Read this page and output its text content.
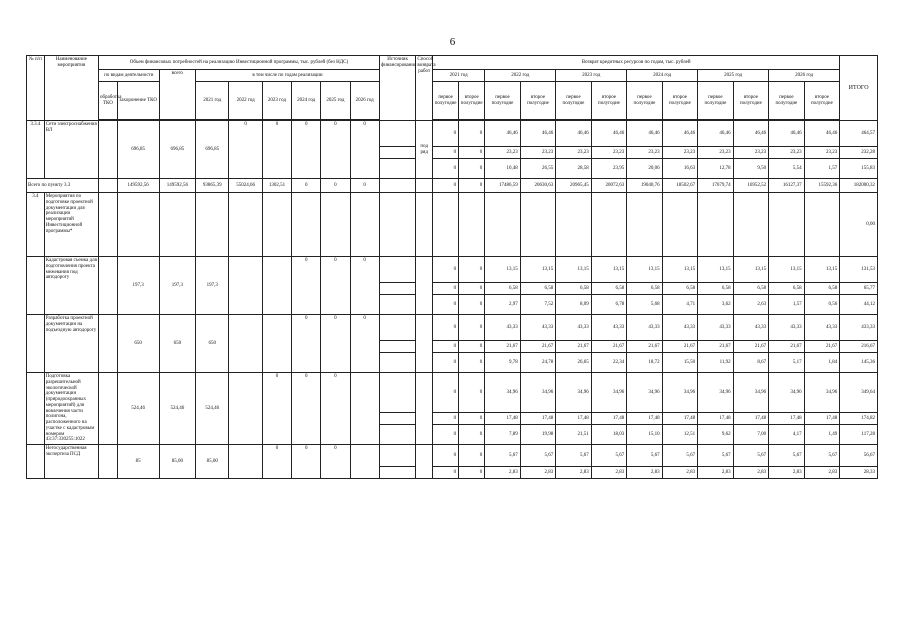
6
№ п/п	Наименование мероприятия	Объем финансовых потребностей на реализацию Инвестиционной программы, тыс. рублей (без НДС)									Источник финансирования	Способ возврата работ	Возврат кредитных ресурсов по годам, тыс. рублей												ИТОГО
		по видам деятельности		всего	в том числе по годам реализации								2021 год		2022 год		2023 год		2024 год		2025 год		2026 год		
		обработка ТКО	захоронение ТКО		2021 год	2022 год	2023 год	2024 год	2025 год	2026 год			первое полугодие	второе полугодие	первое полугодие	второе полугодие	первое полугодие	второе полугодие	первое полугодие	второе полугодие	первое полугодие	второе полугодие	первое полугодие	второе полугодие	

3.3.4	Сети электроснабжения ВЛ		696,85	696,85	696,85	0	0	0	0	0		под ряд	0	0	46,46	46,46	46,46	46,46	46,46	46,46	46,46	46,46	46,46	46,46	464,57
													0	0	23,23	23,23	23,23	23,23	23,23	23,23	23,23	23,23	23,23	23,23	232,28
													0	0	10,48	26,55	28,58	23,95	20,06	16,63	12,78	9,50	5,54	1,57	155,83
Всего по пункту 3.3			149592,56	149592,56	93865,39	55024,66	1302,51	0	0	0			0	0	17486,59	20630,63	20965,45	20072,63	19040,76	18502,67	17679,74	16952,52	16127,37	15592,36	182000,32
3.4	Мероприятия по подготовке проектной документации для реализации мероприятий Инвестиционной программы*																								0,00
	Кадастровая съемка для подготовления проекта межевания под автодорогу		197,3	197,3	197,3			0	0	0			0	0	13,15	13,15	13,15	13,15	13,15	13,15	13,15	13,15	13,15	13,15	131,53
													0	0	6,58	6,58	6,58	6,58	6,58	6,58	6,58	6,58	6,58	6,58	65,77
													0	0	2,97	7,52	8,09	6,78	5,68	4,71	3,62	2,63	1,57	0,56	44,12
	Разработка проектной документации на подъездную автодорогу		650	650	650			0	0	0			0	0	43,33	43,33	43,33	43,33	43,33	43,33	43,33	43,33	43,33	43,33	433,33
													0	0	21,67	21,67	21,67	21,67	21,67	21,67	21,67	21,67	21,67	21,67	216,67
													0	0	9,78	24,78	26,65	22,34	18,72	15,50	11,92	8,67	5,17	1,84	145,36
	Подготовка разрешительной экологической документации (природоохранных мероприятий) для вовлечения части полигона, расположенного на участке с кадастровым номером 43:37:330255:1022		524,46	524,46	524,46		0	0	0				0	0	34,96	34,96	34,96	34,96	34,96	34,96	34,96	34,96	34,96	34,96	349,64
													0	0	17,48	17,48	17,48	17,48	17,48	17,48	17,48	17,48	17,48	17,48	174,82
													0	0	7,89	19,98	21,51	18,03	15,10	12,51	9,62	7,00	4,17	1,49	117,28
	Негосударственная экспертиза ПСД		85	85,00	85,00		0	0	0				0	0	5,67	5,67	5,67	5,67	5,67	5,67	5,67	5,67	5,67	5,67	56,67
													0	0	2,83	2,83	2,83	2,83	2,83	2,83	2,83	2,83	2,83	2,83	28,33
